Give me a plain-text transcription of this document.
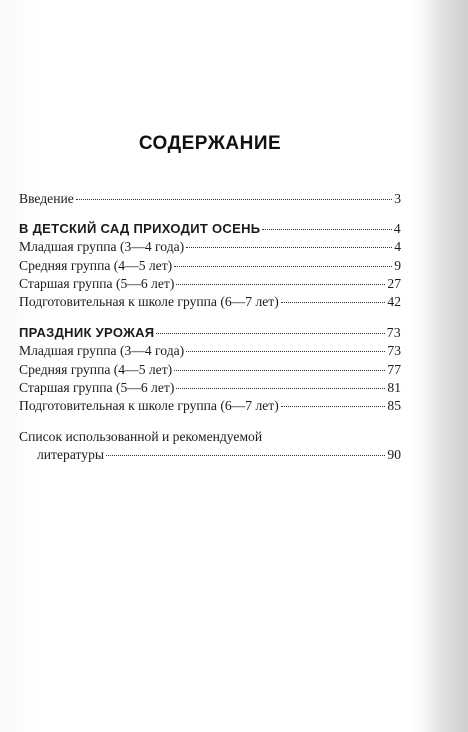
СОДЕРЖАНИЕ
Введение	3
В ДЕТСКИЙ САД ПРИХОДИТ ОСЕНЬ	4
Младшая группа (3—4 года)	4
Средняя группа (4—5 лет)	9
Старшая группа (5—6 лет)	27
Подготовительная к школе группа (6—7 лет)	42
ПРАЗДНИК УРОЖАЯ	73
Младшая группа (3—4 года)	73
Средняя группа (4—5 лет)	77
Старшая группа (5—6 лет)	81
Подготовительная к школе группа (6—7 лет)	85
Список использованной и рекомендуемой
литературы	90
